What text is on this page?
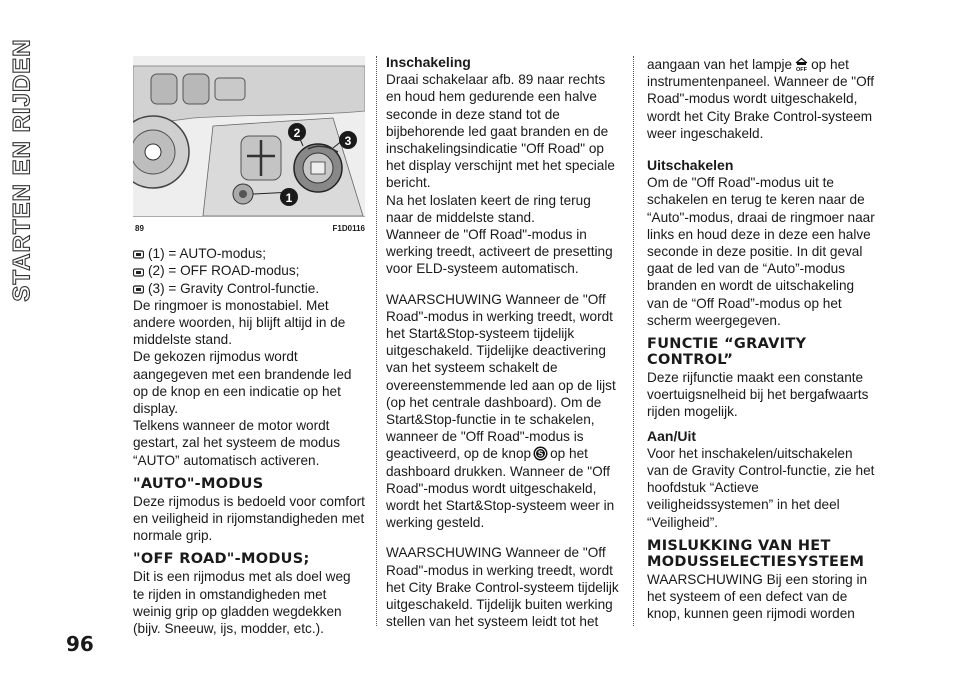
STARTEN EN RIJDEN	1
2
3
89	F1D0116
(1) = AUTO-modus;
(2) = OFF ROAD-modus;
(3) = Gravity Control-functie.

De ringmoer is monostabiel. Met andere woorden, hij blijft altijd in de middelste stand.

De gekozen rijmodus wordt aangegeven met een brandende led op de knop en een indicatie op het display.

Telkens wanneer de motor wordt gestart, zal het systeem de modus “AUTO” automatisch activeren.

"AUTO"-MODUS

Deze rijmodus is bedoeld voor comfort en veiligheid in rijomstandigheden met normale grip.

"OFF ROAD"-MODUS;

Dit is een rijmodus met als doel weg te rijden in omstandigheden met weinig grip op gladden wegdekken (bijv. Sneeuw, ijs, modder, etc.).

Inschakeling

Draai schakelaar afb. 89 naar rechts en houd hem gedurende een halve seconde in deze stand tot de bijbehorende led gaat branden en de inschakelingsindicatie "Off Road" op het display verschijnt met het speciale bericht.

Na het loslaten keert de ring terug naar de middelste stand.

Wanneer de "Off Road"-modus in werking treedt, activeert de presetting voor ELD-systeem automatisch.

WAARSCHUWING Wanneer de "Off Road"-modus in werking treedt, wordt het Start&Stop-systeem tijdelijk uitgeschakeld. Tijdelijke deactivering van het systeem schakelt de overeenstemmende led aan op de lijst (op het centrale dashboard). Om de Start&Stop-functie in te schakelen, wanneer de "Off Road"-modus is geactiveerd, op de knop S op het dashboard drukken. Wanneer de "Off Road"-modus wordt uitgeschakeld, wordt het Start&Stop-systeem weer in werking gesteld.

WAARSCHUWING Wanneer de "Off Road"-modus in werking treedt, wordt het City Brake Control-systeem tijdelijk uitgeschakeld. Tijdelijk buiten werking stellen van het systeem leidt tot het

aangaan van het lampje OFF op het instrumentenpaneel. Wanneer de "Off Road"-modus wordt uitgeschakeld, wordt het City Brake Control-systeem weer ingeschakeld.

Uitschakelen

Om de "Off Road"-modus uit te schakelen en terug te keren naar de “Auto"-modus, draai de ringmoer naar links en houd deze in deze een halve seconde in deze positie. In dit geval gaat de led van de “Auto”-modus branden en wordt de uitschakeling van de “Off Road”-modus op het scherm weergegeven.

FUNCTIE “GRAVITY CONTROL”

Deze rijfunctie maakt een constante voertuigsnelheid bij het bergafwaarts rijden mogelijk.

Aan/Uit

Voor het inschakelen/uitschakelen van de Gravity Control-functie, zie het hoofdstuk “Actieve veiligheidssystemen” in het deel “Veiligheid”.

MISLUKKING VAN HET MODUSSELECTIESYSTEEM

WAARSCHUWING Bij een storing in het systeem of een defect van de knop, kunnen geen rijmodi worden

96
